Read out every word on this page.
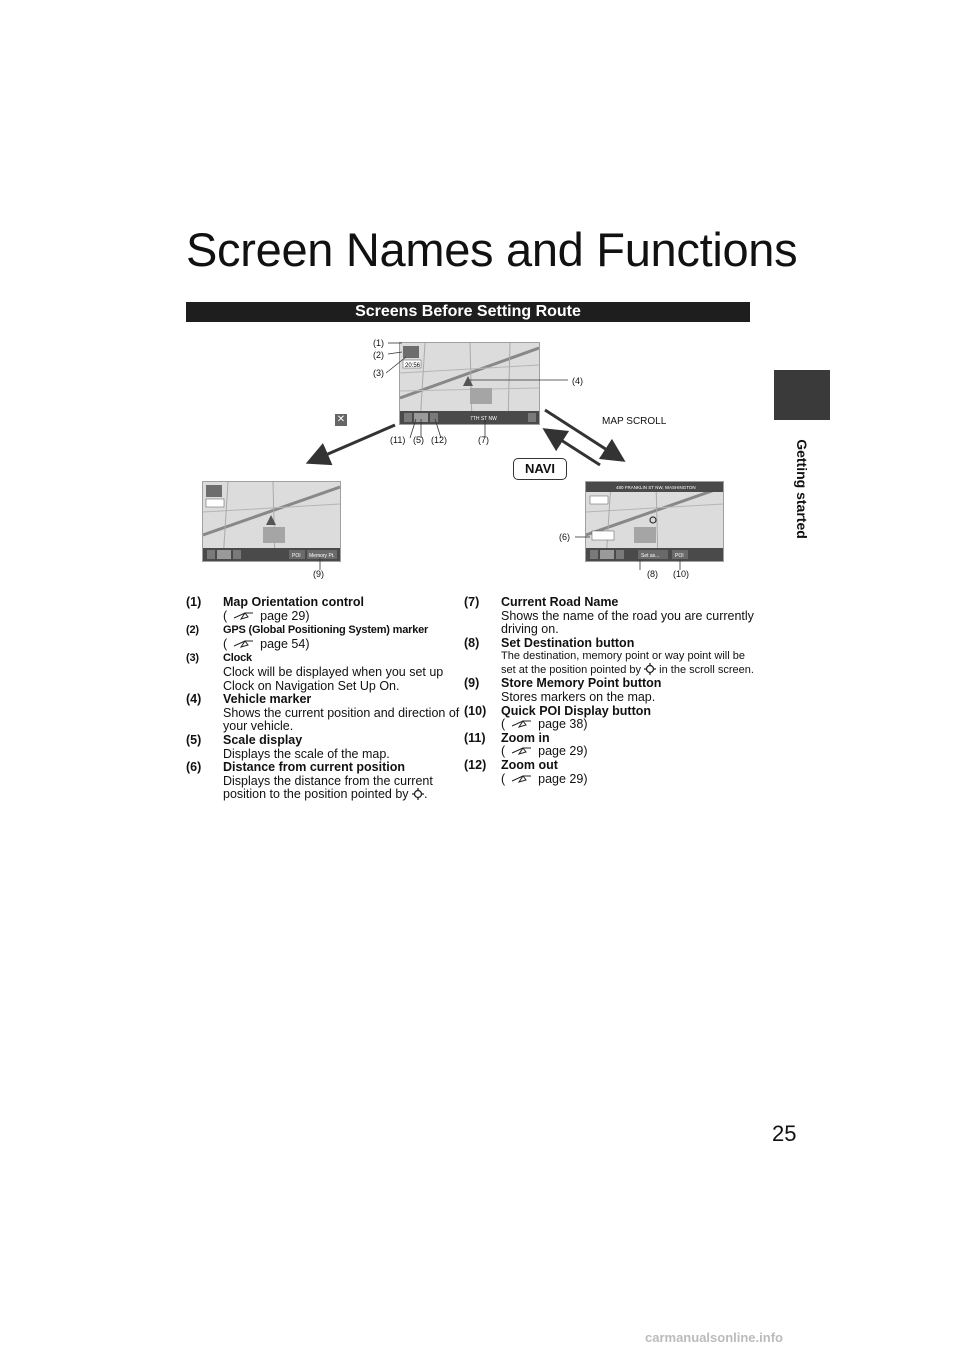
Getting started
Screen Names and Functions
Screens Before Setting Route
20:56
7TH ST NW
(1)
(2)
(3)
(4)
(11) (5) (12)	(7)
MAP SCROLL
✕
NAVI
POI Memory Pt.
(9)
480 FRANKLIN ST NW, WASHINGTON
Set as...	POI
(6)
(8) (10)
(1) Map Orientation control
(	page 29)
(2) GPS (Global Positioning System) marker
(	page 54)
(3) Clock
Clock will be displayed when you set up Clock on Navigation Set Up On.
(4) Vehicle marker
Shows the current position and direction of your vehicle.
(5) Scale display
Displays the scale of the map.
(6) Distance from current position
Displays the distance from the current position to the position pointed by .
(7) Current Road Name
Shows the name of the road you are currently driving on.
(8) Set Destination button
The destination, memory point or way point will be set at the position pointed by in the scroll screen.
(9) Store Memory Point button
Stores markers on the map.
(10) Quick POI Display button
(	page 38)
(11) Zoom in
(	page 29)
(12) Zoom out
(	page 29)
25
carmanualsonline.info
